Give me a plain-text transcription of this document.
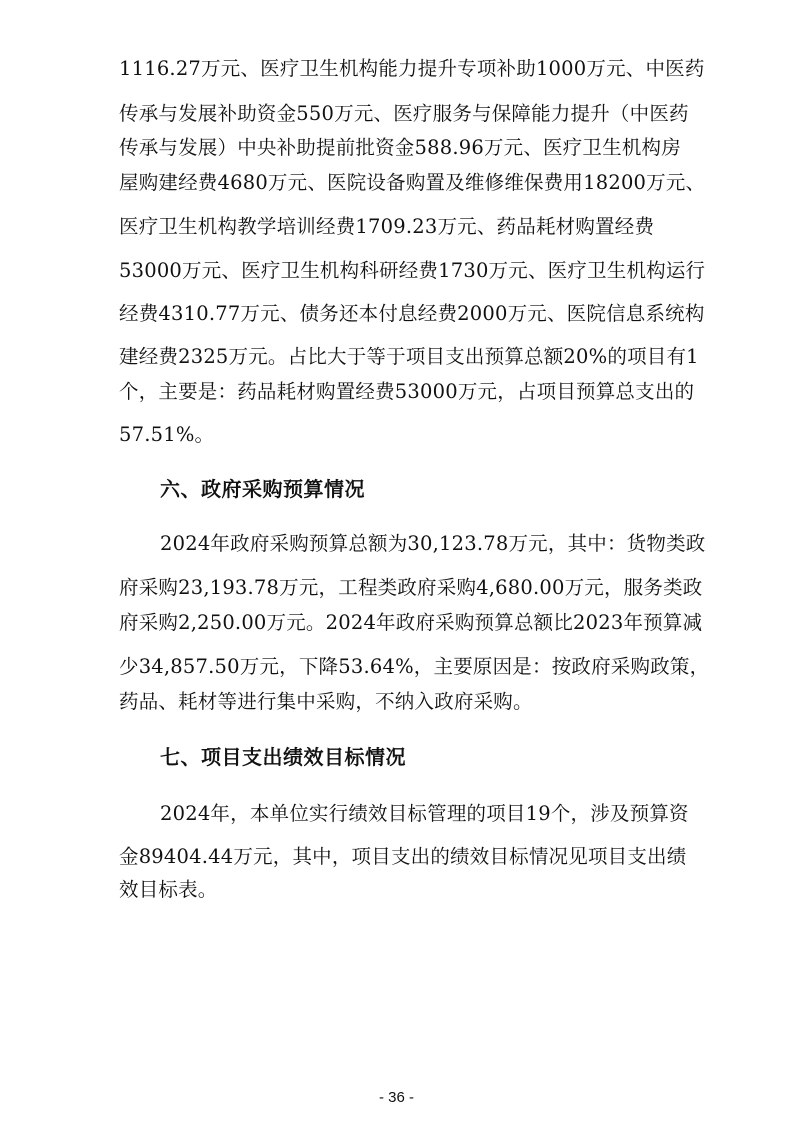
1116.27万元、医疗卫生机构能力提升专项补助1000万元、中医药
传承与发展补助资金550万元、医疗服务与保障能力提升（中医药
传承与发展）中央补助提前批资金588.96万元、医疗卫生机构房
屋购建经费4680万元、医院设备购置及维修维保费用18200万元、
医疗卫生机构教学培训经费1709.23万元、药品耗材购置经费
53000万元、医疗卫生机构科研经费1730万元、医疗卫生机构运行
经费4310.77万元、债务还本付息经费2000万元、医院信息系统构
建经费2325万元。占比大于等于项目支出预算总额20%的项目有1
个，主要是：药品耗材购置经费53000万元，占项目预算总支出的
57.51%。
六、政府采购预算情况
2024年政府采购预算总额为30,123.78万元，其中：货物类政
府采购23,193.78万元，工程类政府采购4,680.00万元，服务类政
府采购2,250.00万元。2024年政府采购预算总额比2023年预算减
少34,857.50万元，下降53.64%，主要原因是：按政府采购政策，
药品、耗材等进行集中采购，不纳入政府采购。
七、项目支出绩效目标情况
2024年，本单位实行绩效目标管理的项目19个，涉及预算资
金89404.44万元，其中，项目支出的绩效目标情况见项目支出绩
效目标表。
- 36 -
